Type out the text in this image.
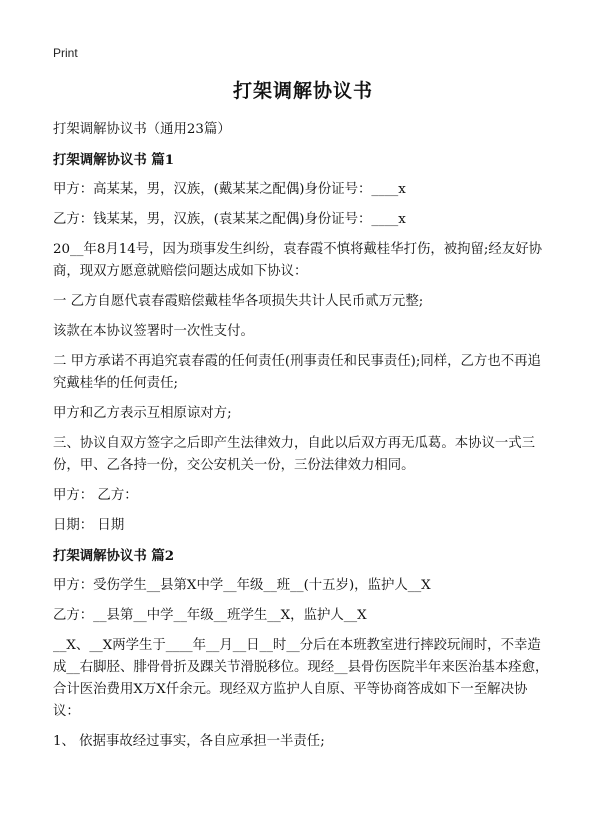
Print
打架调解协议书

打架调解协议书（通用23篇）

打架调解协议书 篇1

甲方：高某某，男，汉族，(戴某某之配偶)身份证号：____x

乙方：钱某某，男，汉族，(袁某某之配偶)身份证号：____x

20__年8月14号，因为琐事发生纠纷，袁春霞不慎将戴桂华打伤，被拘留;经友好协商，现双方愿意就赔偿问题达成如下协议：

一 乙方自愿代袁春霞赔偿戴桂华各项损失共计人民币贰万元整;

该款在本协议签署时一次性支付。

二 甲方承诺不再追究袁春霞的任何责任(刑事责任和民事责任);同样，乙方也不再追究戴桂华的任何责任;

甲方和乙方表示互相原谅对方;

三、协议自双方签字之后即产生法律效力，自此以后双方再无瓜葛。本协议一式三份，甲、乙各持一份，交公安机关一份，三份法律效力相同。

甲方： 乙方：

日期： 日期

打架调解协议书 篇2

甲方：受伤学生__县第X中学__年级__班__(十五岁)，监护人__X

乙方：__县第__中学__年级__班学生__X，监护人__X

__X、__X两学生于____年__月__日__时__分后在本班教室进行摔跤玩闹时，不幸造成__右脚胫、腓骨骨折及踝关节滑脱移位。现经__县骨伤医院半年来医治基本痊愈，合计医治费用X万X仟余元。现经双方监护人自原、平等协商答成如下一至解决协议：

1、 依据事故经过事实，各自应承担一半责任;
